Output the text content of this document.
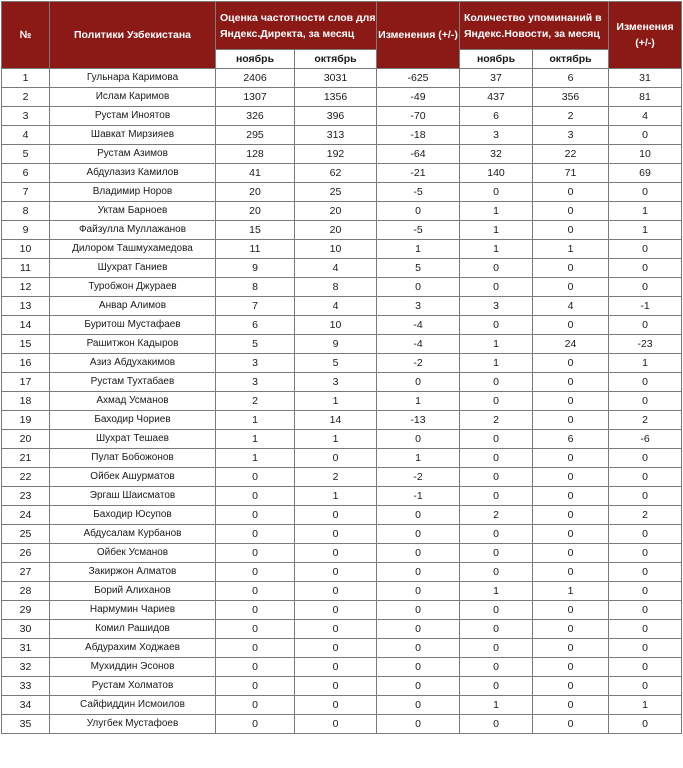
№	Политики Узбекистана	Оценка частотности слов для Яндекс.Директа, за месяц		Изменения (+/-)	Количество упоминаний в Яндекс.Новости, за месяц		Изменения (+/-)
		ноябрь	октябрь		ноябрь	октябрь	
1	Гульнара Каримова	2406	3031	-625	37	6	31
2	Ислам Каримов	1307	1356	-49	437	356	81
3	Рустам Иноятов	326	396	-70	6	2	4
4	Шавкат Мирзияев	295	313	-18	3	3	0
5	Рустам Азимов	128	192	-64	32	22	10
6	Абдулазиз Камилов	41	62	-21	140	71	69
7	Владимир Норов	20	25	-5	0	0	0
8	Уктам Барноев	20	20	0	1	0	1
9	Файзулла Муллажанов	15	20	-5	1	0	1
10	Дилором Ташмухамедова	11	10	1	1	1	0
11	Шухрат Ганиев	9	4	5	0	0	0
12	Туробжон Джураев	8	8	0	0	0	0
13	Анвар Алимов	7	4	3	3	4	-1
14	Буритош Мустафаев	6	10	-4	0	0	0
15	Рашитжон Кадыров	5	9	-4	1	24	-23
16	Азиз Абдухакимов	3	5	-2	1	0	1
17	Рустам Тухтабаев	3	3	0	0	0	0
18	Ахмад Усманов	2	1	1	0	0	0
19	Баходир Чориев	1	14	-13	2	0	2
20	Шухрат Тешаев	1	1	0	0	6	-6
21	Пулат Бобожонов	1	0	1	0	0	0
22	Ойбек Ашурматов	0	2	-2	0	0	0
23	Эргаш Шаисматов	0	1	-1	0	0	0
24	Баходир Юсупов	0	0	0	2	0	2
25	Абдусалам Курбанов	0	0	0	0	0	0
26	Ойбек Усманов	0	0	0	0	0	0
27	Закиржон Алматов	0	0	0	0	0	0
28	Борий Алиханов	0	0	0	1	1	0
29	Нармумин Чариев	0	0	0	0	0	0
30	Комил Рашидов	0	0	0	0	0	0
31	Абдурахим Ходжаев	0	0	0	0	0	0
32	Мухиддин Эсонов	0	0	0	0	0	0
33	Рустам Холматов	0	0	0	0	0	0
34	Сайфиддин Исмоилов	0	0	0	1	0	1
35	Улугбек Мустафоев	0	0	0	0	0	0
